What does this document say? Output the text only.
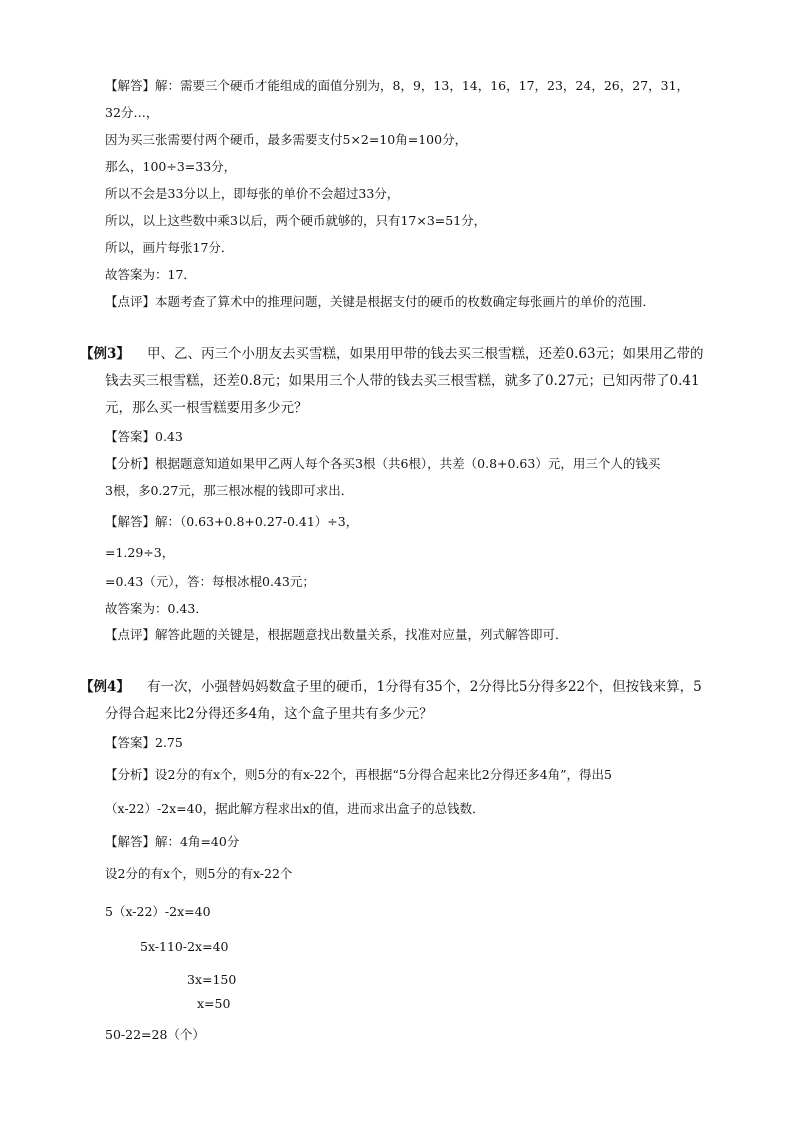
【解答】解：需要三个硬币才能组成的面值分别为，8，9，13，14，16，17，23，24，26，27，31，
32分…，
因为买三张需要付两个硬币，最多需要支付5×2=10角=100分，
那么，100÷3=33分，
所以不会是33分以上，即每张的单价不会超过33分，
所以，以上这些数中乘3以后，两个硬币就够的，只有17×3=51分，
所以，画片每张17分．
故答案为：17．
【点评】本题考查了算术中的推理问题，关键是根据支付的硬币的枚数确定每张画片的单价的范围．
【例3】 甲、乙、丙三个小朋友去买雪糕，如果用甲带的钱去买三根雪糕，还差0.63元；如果用乙带的
钱去买三根雪糕，还差0.8元；如果用三个人带的钱去买三根雪糕，就多了0.27元；已知丙带了0.41
元，那么买一根雪糕要用多少元？
【答案】0.43
【分析】根据题意知道如果甲乙两人每个各买3根（共6根），共差（0.8+0.63）元，用三个人的钱买
3根，多0.27元，那三根冰棍的钱即可求出．
【解答】解：（0.63+0.8+0.27-0.41）÷3，
=1.29÷3，
=0.43（元），答：每根冰棍0.43元；
故答案为：0.43．
【点评】解答此题的关键是，根据题意找出数量关系，找准对应量，列式解答即可．
【例4】 有一次，小强替妈妈数盒子里的硬币，1分得有35个，2分得比5分得多22个，但按钱来算，5
分得合起来比2分得还多4角，这个盒子里共有多少元？
【答案】2.75
【分析】设2分的有x个，则5分的有x-22个，再根据“5分得合起来比2分得还多4角”，得出5
（x-22）-2x=40，据此解方程求出x的值，进而求出盒子的总钱数．
【解答】解：4角=40分
设2分的有x个，则5分的有x-22个
5（x-22）-2x=40
5x-110-2x=40
3x=150
x=50
50-22=28（个）
